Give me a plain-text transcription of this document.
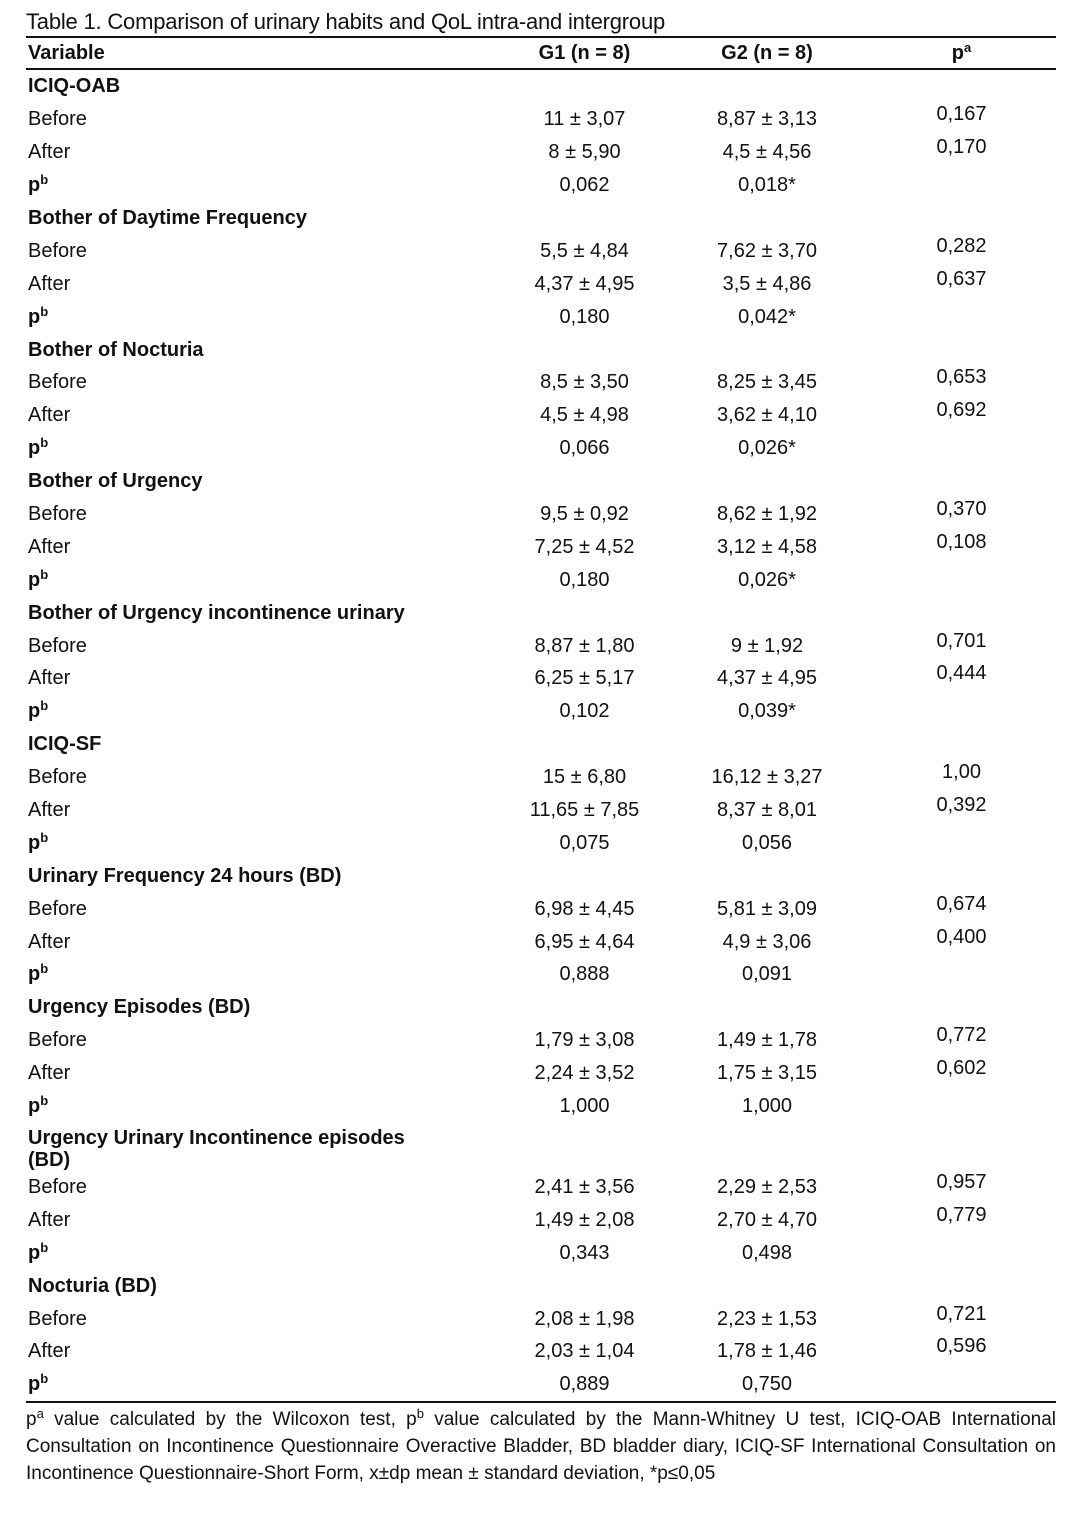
Table 1. Comparison of urinary habits and QoL intra-and intergroup
Variable	G1 (n = 8)	G2 (n = 8)	$p^a$
ICIQ-OAB			
Before	11 ± 3,07	8,87 ± 3,13	0,167
After	8 ± 5,90	4,5 ± 4,56	0,170
$p^b$	0,062	0,018*	
Bother of Daytime Frequency			
Before	5,5 ± 4,84	7,62 ± 3,70	0,282
After	4,37 ± 4,95	3,5 ± 4,86	0,637
$p^b$	0,180	0,042*	
Bother of Nocturia			
Before	8,5 ± 3,50	8,25 ± 3,45	0,653
After	4,5 ± 4,98	3,62 ± 4,10	0,692
$p^b$	0,066	0,026*	
Bother of Urgency			
Before	9,5 ± 0,92	8,62 ± 1,92	0,370
After	7,25 ± 4,52	3,12 ± 4,58	0,108
$p^b$	0,180	0,026*	
Bother of Urgency incontinence urinary			
Before	8,87 ± 1,80	9 ± 1,92	0,701
After	6,25 ± 5,17	4,37 ± 4,95	0,444
$p^b$	0,102	0,039*	
ICIQ-SF			
Before	15 ± 6,80	16,12 ± 3,27	1,00
After	11,65 ± 7,85	8,37 ± 8,01	0,392
$p^b$	0,075	0,056	
Urinary Frequency 24 hours (BD)			
Before	6,98 ± 4,45	5,81 ± 3,09	0,674
After	6,95 ± 4,64	4,9 ± 3,06	0,400
$p^b$	0,888	0,091	
Urgency Episodes (BD)			
Before	1,79 ± 3,08	1,49 ± 1,78	0,772
After	2,24 ± 3,52	1,75 ± 3,15	0,602
$p^b$	1,000	1,000	
Urgency Urinary Incontinence episodes
(BD)			
Before	2,41 ± 3,56	2,29 ± 2,53	0,957
After	1,49 ± 2,08	2,70 ± 4,70	0,779
$p^b$	0,343	0,498	
Nocturia (BD)			
Before	2,08 ± 1,98	2,23 ± 1,53	0,721
After	2,03 ± 1,04	1,78 ± 1,46	0,596
$p^b$	0,889	0,750	
$p^a$ value calculated by the Wilcoxon test, $p^b$ value calculated by the Mann-Whitney U test, ICIQ-OAB International Consultation on Incontinence Questionnaire Overactive Bladder, BD bladder diary, ICIQ-SF International Consultation on Incontinence Questionnaire-Short Form, x±dp mean ± standard deviation, *p≤0,05
